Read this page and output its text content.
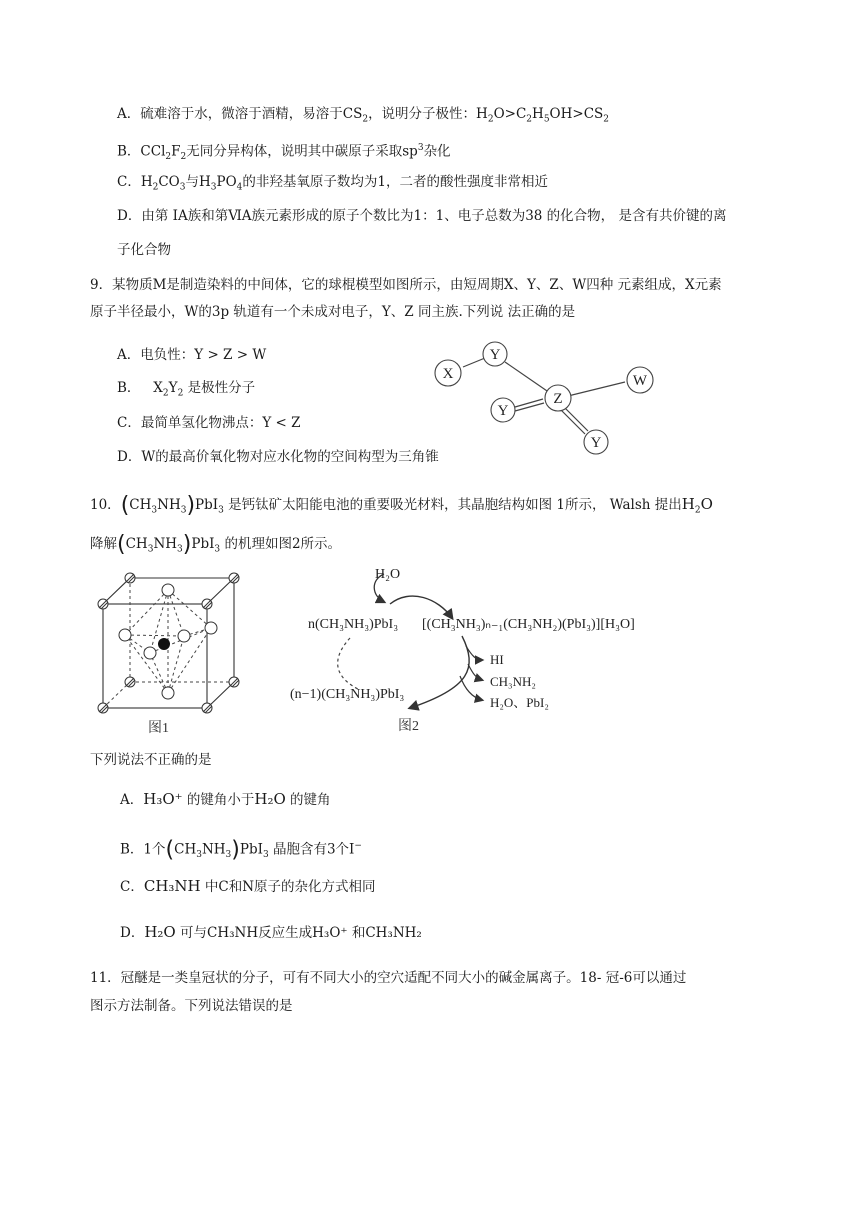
A．硫难溶于水，微溶于酒精，易溶于$CS_2$，说明分子极性：$H_2O>C_2H_5OH>CS_2$
B．$CCl_2F_2$无同分异构体，说明其中碳原子采取$sp^3$杂化
C．$H_2CO_3$与$H_3PO_4$的非羟基氧原子数均为1，二者的酸性强度非常相近
D．由第 ⅠA族和第ⅥA族元素形成的原子个数比为1：1、电子总数为38 的化合物， 是含有共价键的离
子化合物
9．某物质M是制造染料的中间体，它的球棍模型如图所示，由短周期X、Y、Z、W四种 元素组成，X元素
原子半径最小，W的3p 轨道有一个未成对电子，Y、Z 同主族.下列说 法正确的是
A．电负性：Y > Z > W
B． $X_2Y_2$ 是极性分子
C．最简单氢化物沸点：Y < Z
D．W的最高价氧化物对应水化物的空间构型为三角锥
X
Y
Z
W
Y
Y
10．$(CH_3NH_3)PbI_3$ 是钙钛矿太阳能电池的重要吸光材料，其晶胞结构如图 1所示， Walsh 提出$H_2O$
降解$(CH_3NH_3)PbI_3$ 的机理如图2所示。
图1
H₂O
n(CH₃NH₃)PbI₃ [(CH₃NH₃)ₙ₋₁(CH₃NH₂)(PbI₃)][H₃O]
HI
CH₃NH₂
H₂O、PbI₂
(n−1)(CH₃NH₃)PbI₃
图2
下列说法不正确的是
A．H₃O⁺ 的键角小于H₂O 的键角
B．1个$(CH_3NH_3)PbI_3$ 晶胞含有3个I−
C．CH₃NH 中C和N原子的杂化方式相同
D．H₂O 可与CH₃NH反应生成H₃O⁺ 和CH₃NH₂
11．冠醚是一类皇冠状的分子，可有不同大小的空穴适配不同大小的碱金属离子。18- 冠-6可以通过
图示方法制备。下列说法错误的是
